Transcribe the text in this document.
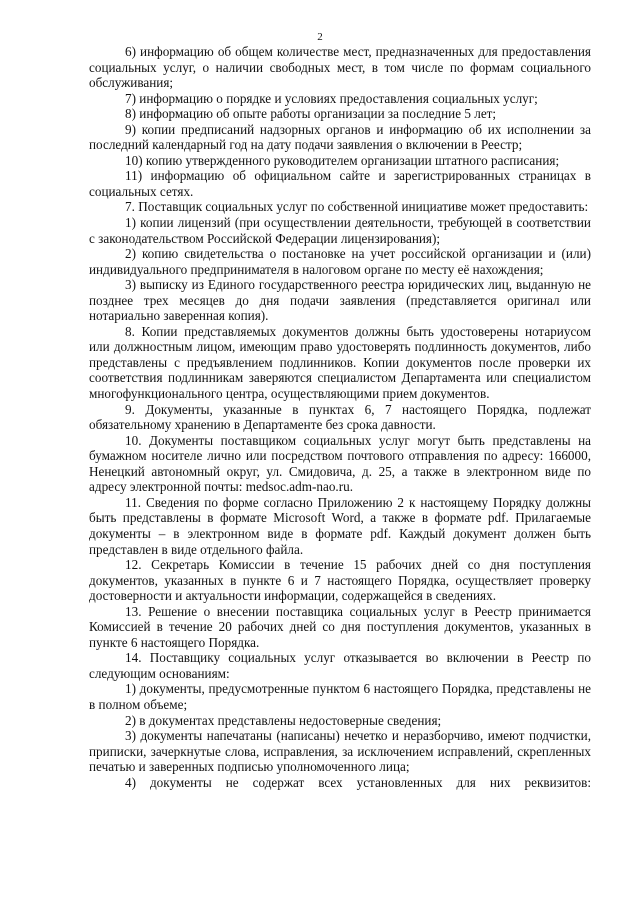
2

6) информацию об общем количестве мест, предназначенных для предоставления социальных услуг, о наличии свободных мест, в том числе по формам социального обслуживания;

7) информацию о порядке и условиях предоставления социальных услуг;

8) информацию об опыте работы организации за последние 5 лет;

9) копии предписаний надзорных органов и информацию об их исполнении за последний календарный год на дату подачи заявления о включении в Реестр;

10) копию утвержденного руководителем организации штатного расписания;

11) информацию об официальном сайте и зарегистрированных страницах в социальных сетях.

7. Поставщик социальных услуг по собственной инициативе может предоставить:

1) копии лицензий (при осуществлении деятельности, требующей в соответствии с законодательством Российской Федерации лицензирования);

2) копию свидетельства о постановке на учет российской организации и (или) индивидуального предпринимателя в налоговом органе по месту её нахождения;

3) выписку из Единого государственного реестра юридических лиц, выданную не позднее трех месяцев до дня подачи заявления (представляется оригинал или нотариально заверенная копия).

8. Копии представляемых документов должны быть удостоверены нотариусом или должностным лицом, имеющим право удостоверять подлинность документов, либо представлены с предъявлением подлинников. Копии документов после проверки их соответствия подлинникам заверяются специалистом Департамента или специалистом многофункционального центра, осуществляющими прием документов.

9. Документы, указанные в пунктах 6, 7 настоящего Порядка, подлежат обязательному хранению в Департаменте без срока давности.

10. Документы поставщиком социальных услуг могут быть представлены на бумажном носителе лично или посредством почтового отправления по адресу: 166000, Ненецкий автономный округ, ул. Смидовича, д. 25, а также в электронном виде по адресу электронной почты: medsoc.adm-nao.ru.

11. Сведения по форме согласно Приложению 2 к настоящему Порядку должны быть представлены в формате Microsoft Word, а также в формате pdf. Прилагаемые документы – в электронном виде в формате pdf. Каждый документ должен быть представлен в виде отдельного файла.

12. Секретарь Комиссии в течение 15 рабочих дней со дня поступления документов, указанных в пункте 6 и 7 настоящего Порядка, осуществляет проверку достоверности и актуальности информации, содержащейся в сведениях.

13. Решение о внесении поставщика социальных услуг в Реестр принимается Комиссией в течение 20 рабочих дней со дня поступления документов, указанных в пункте 6 настоящего Порядка.

14. Поставщику социальных услуг отказывается во включении в Реестр по следующим основаниям:

1) документы, предусмотренные пунктом 6 настоящего Порядка, представлены не в полном объеме;

2) в документах представлены недостоверные сведения;

3) документы напечатаны (написаны) нечетко и неразборчиво, имеют подчистки, приписки, зачеркнутые слова, исправления, за исключением исправлений, скрепленных печатью и заверенных подписью уполномоченного лица;

4) документы не содержат всех установленных для них реквизитов:
